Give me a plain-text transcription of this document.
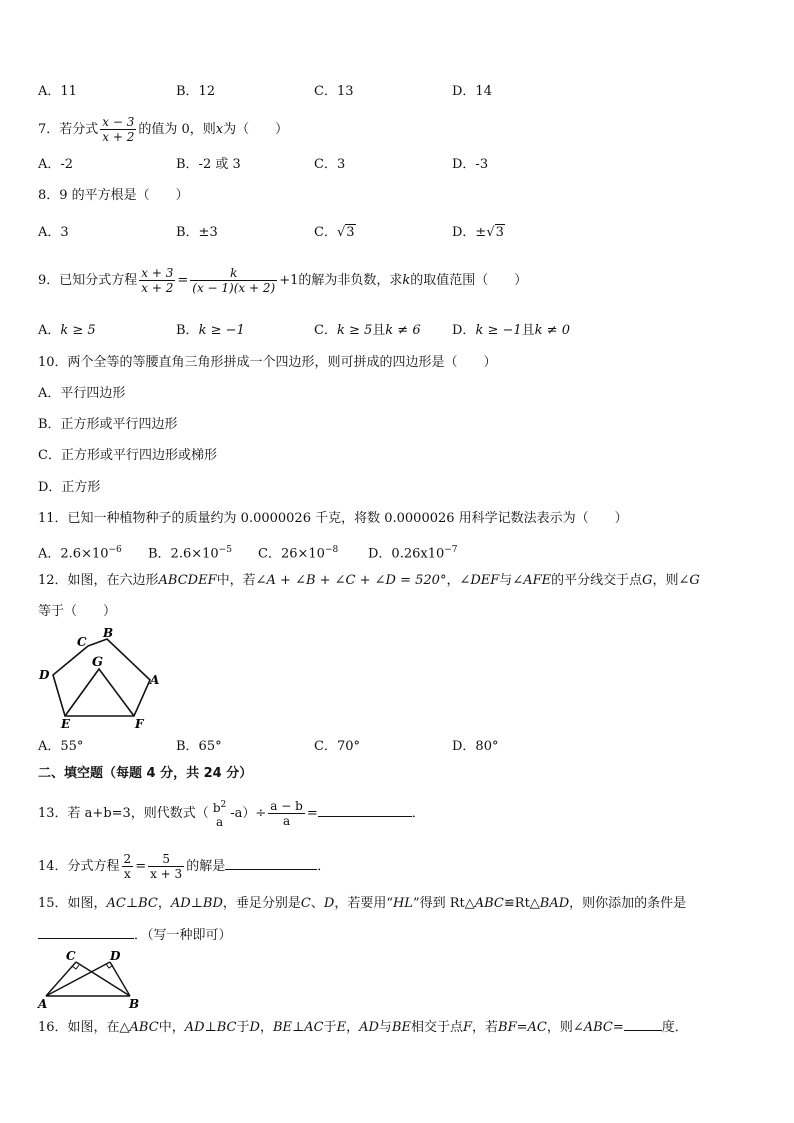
A．11	B．12	C．13	D．14
7．若分式 $\frac{x - 3}{x + 2}$ 的值为 0，则x为（　　）
A．-2	B．-2 或 3	C．3	D．-3
8．9 的平方根是（　　）
A．3	B．±3	C．√3	D．±√3
9．已知分式方程 $\frac{x + 3}{x + 2} = \frac{k}{(x - 1)(x + 2)} +1$的解为非负数，求k的取值范围（　　）
A．k ≥ 5	B．k ≥ −1	C．k ≥ 5且k ≠ 6 D．k ≥ −1且k ≠ 0
10．两个全等的等腰直角三角形拼成一个四边形，则可拼成的四边形是（　　）
A．平行四边形
B．正方形或平行四边形
C．正方形或平行四边形或梯形
D．正方形
11．已知一种植物种子的质量约为 0.0000026 千克，将数 0.0000026 用科学记数法表示为（　　）
A．$2.6\times 10^{-6}$ B．$2.6\times 10^{-5}$ C．$26\times 10^{-8}$ D．$0.26x10^{-7}$
12．如图，在六边形ABCDEF中，若∠A + ∠B + ∠C + ∠D = 520°，∠DEF与∠AFE的平分线交于点G，则∠G
等于（　　）
C
B
D
G
A
E	F
A．55°	B．65°	C．70°	D．80°
二、填空题（每题 4 分，共 24 分）
13．若 a+b=3，则代数式（ $b^2$
a
$-a)\div \frac{a - b}{a}$ =	．
14．分式方程 $\frac{2}{x} = \frac{5}{x + 3}$ 的解是	．
15．如图，AC⊥BC，AD⊥BD，垂足分别是C、D，若要用“HL”得到 Rt△ABC≌Rt△BAD，则你添加的条件是
．（写一种即可）
C	D
A	B
16．如图，在△ABC中，AD⊥BC于D，BE⊥AC于E，AD与BE相交于点F，若BF=AC，则∠ABC=	度．
